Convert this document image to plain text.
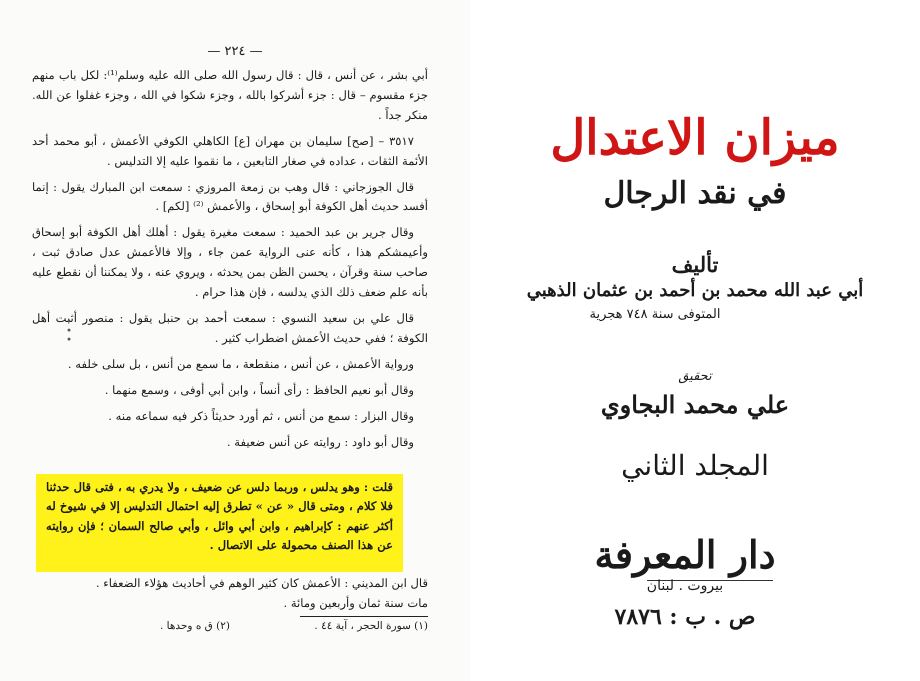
— ٢٢٤ —

أبي بشر ، عن أنس ، قال : قال رسول الله صلى الله عليه وسلم⁽¹⁾: لكل باب منهم جزء مقسوم – قال : جزء أشركوا بالله ، وجزء شكوا في الله ، وجزء غفلوا عن الله. منكر جداً .

٣٥١٧ – [صح] سليمان بن مهران [ع] الكاهلي الكوفي الأعمش ، أبو محمد أحد الأئمة الثقات ، عداده في صغار التابعين ، ما نقموا عليه إلا التدليس .

قال الجوزجاني : قال وهب بن زمعة المروزي : سمعت ابن المبارك يقول : إنما أفسد حديث أهل الكوفة أبو إسحاق ، والأعمش ⁽²⁾ [لكم] .

وقال جرير بن عبد الحميد : سمعت مغيرة يقول : أهلك أهل الكوفة أبو إسحاق وأعيمشكم هذا ، كأنه عنى الرواية عمن جاء ، وإلا فالأعمش عدل صادق ثبت ، صاحب سنة وقرآن ، يحسن الظن بمن يحدثه ، ويروي عنه ، ولا يمكننا أن نقطع عليه بأنه علم ضعف ذلك الذي يدلسه ، فإن هذا حرام .

قال علي بن سعيد النسوي : سمعت أحمد بن حنبل يقول : منصور أثبت أهل الكوفة ؛ ففي حديث الأعمش اضطراب كثير .

ورواية الأعمش ، عن أنس ، منقطعة ، ما سمع من أنس ، بل سلى خلفه .

وقال أبو نعيم الحافظ : رأى أنساً ، وابن أبي أوفى ، وسمع منهما .

وقال البزار : سمع من أنس ، ثم أورد حديثاً ذكر فيه سماعه منه .

وقال أبو داود : روايته عن أنس ضعيفة .

• • •
قلت : وهو يدلس ، وربما دلس عن ضعيف ، ولا يدري به ، فتى قال حدثنا فلا كلام ، ومتى قال « عن » تطرق إليه احتمال التدليس إلا في شيوخ له أكثر عنهم : كإبراهيم ، وابن أبي وائل ، وأبي صالح السمان ؛ فإن روايته عن هذا الصنف محمولة على الاتصال .
قال ابن المديني : الأعمش كان كثير الوهم في أحاديث هؤلاء الضعفاء .
مات سنة ثمان وأربعين ومائة .
(١) سورة الحجر ، آية ٤٤ .
(٢) ق ه وحدها .
ميزان الاعتدال
في نقد الرجال
تأليف
أبي عبد الله محمد بن أحمد بن عثمان الذهبي
المتوفى سنة ٧٤٨ هجرية
تحقيق
علي محمد البجاوي
المجلد الثاني
دار المعرفة
بيروت . لبنان
ص . ب : ٧٨٧٦
